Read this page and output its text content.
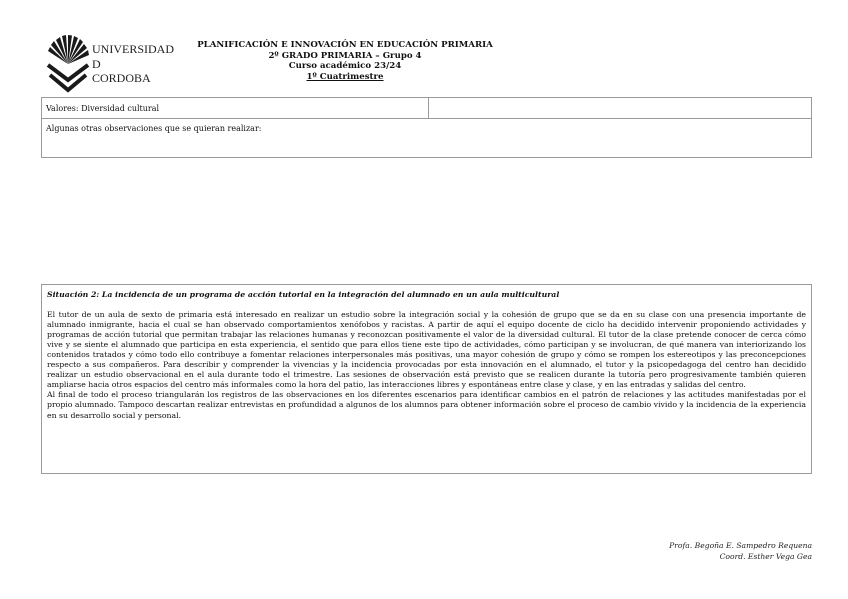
UNIVERSIDAD
D
CORDOBA
PLANIFICACIÓN E INNOVACIÓN EN EDUCACIÓN PRIMARIA
2º GRADO PRIMARIA – Grupo 4
Curso académico 23/24
1º Cuatrimestre
Valores: Diversidad cultural	
Algunas otras observaciones que se quieran realizar:
Situación 2: La incidencia de un programa de acción tutorial en la integración del alumnado en un aula multicultural

El tutor de un aula de sexto de primaria está interesado en realizar un estudio sobre la integración social y la cohesión de grupo que se da en su clase con una presencia importante de alumnado inmigrante, hacia el cual se han observado comportamientos xenófobos y racistas. A partir de aquí el equipo docente de ciclo ha decidido intervenir proponiendo actividades y programas de acción tutorial que permitan trabajar las relaciones humanas y reconozcan positivamente el valor de la diversidad cultural. El tutor de la clase pretende conocer de cerca cómo vive y se siente el alumnado que participa en esta experiencia, el sentido que para ellos tiene este tipo de actividades, cómo participan y se involucran, de qué manera van interiorizando los contenidos tratados y cómo todo ello contribuye a fomentar relaciones interpersonales más positivas, una mayor cohesión de grupo y cómo se rompen los estereotipos y las preconcepciones respecto a sus compañeros. Para describir y comprender la vivencias y la incidencia provocadas por esta innovación en el alumnado, el tutor y la psicopedagoga del centro han decidido realizar un estudio observacional en el aula durante todo el trimestre. Las sesiones de observación está previsto que se realicen durante la tutoría pero progresivamente también quieren ampliarse hacia otros espacios del centro más informales como la hora del patio, las interacciones libres y espontáneas entre clase y clase, y en las entradas y salidas del centro.

Al final de todo el proceso triangularán los registros de las observaciones en los diferentes escenarios para identificar cambios en el patrón de relaciones y las actitudes manifestadas por el propio alumnado. Tampoco descartan realizar entrevistas en profundidad a algunos de los alumnos para obtener información sobre el proceso de cambio vivido y la incidencia de la experiencia en su desarrollo social y personal.

Profa. Begoña E. Sampedro Requena
Coord. Esther Vega Gea
